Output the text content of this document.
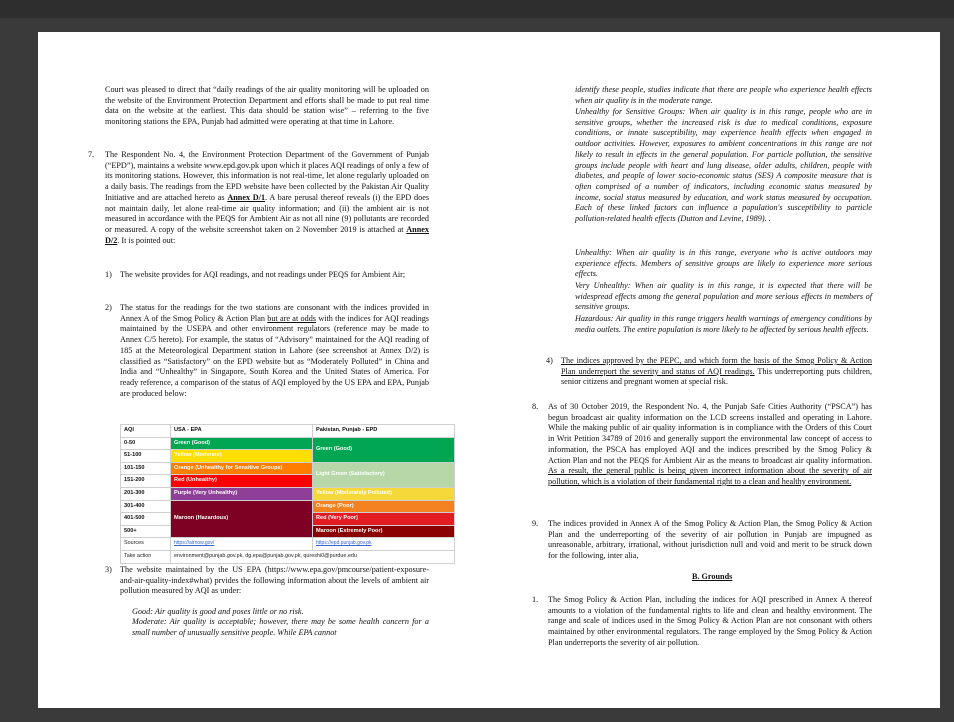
Court was pleased to direct that “daily readings of the air quality monitoring will be uploaded on the website of the Environment Protection Department and efforts shall be made to put real time data on the website at the earliest. This data should be station wise” – referring to the five monitoring stations the EPA, Punjab had admitted were operating at that time in Lahore.

7. The Respondent No. 4, the Environment Protection Department of the Government of Punjab (“EPD”), maintains a website www.epd.gov.pk upon which it places AQI readings of only a few of its monitoring stations. However, this information is not real-time, let alone regularly uploaded on a daily basis. The readings from the EPD website have been collected by the Pakistan Air Quality Initiative and are attached hereto as Annex D/1. A bare perusal thereof reveals (i) the EPD does not maintain daily, let alone real-time air quality information; and (ii) the ambient air is not measured in accordance with the PEQS for Ambient Air as not all nine (9) pollutants are recorded or measured. A copy of the website screenshot taken on 2 November 2019 is attached at Annex D/2. It is pointed out:

1) The website provides for AQI readings, and not readings under PEQS for Ambient Air;

2) The status for the readings for the two stations are consonant with the indices provided in Annex A of the Smog Policy & Action Plan but are at odds with the indices for AQI readings maintained by the USEPA and other environment regulators (reference may be made to Annex C/5 hereto). For example, the status of “Advisory” maintained for the AQI reading of 185 at the Meteorological Department station in Lahore (see screenshot at Annex D/2) is classified as “Satisfactory” on the EPD website but as “Moderately Polluted” in China and India and “Unhealthy” in Singapore, South Korea and the United States of America. For ready reference, a comparison of the status of AQI employed by the US EPA and EPA, Punjab are produced below:

AQI	USA - EPA	Pakistan, Punjab - EPD
0-50	Green (Good)	Green (Good)
51-100	Yellow (Moderate)	
101-150	Orange (Unhealthy for Sensitive Groups)	Light Green (Satisfactory)
151-200	Red (Unhealthy)	
201-300	Purple (Very Unhealthy)	Yellow (Moderately Polluted)
301-400	Maroon (Hazardous)	Orange (Poor)
401-500		Red (Very Poor)
500+		Maroon (Extremely Poor)
Sources	https://airnow.gov/	https://epd.punjab.gov.pk
Take action	environment@punjab.gov.pk, dg.epa@punjab.gov.pk, qureshi0@purdue.edu	
3) The website maintained by the US EPA (https://www.epa.gov/pmcourse/patient-exposure-and-air-quality-index#what) prvides the following information about the levels of ambient air pollution measured by AQI as under:

Good: Air quality is good and poses little or no risk.

Moderate: Air quality is acceptable; however, there may be some health concern for a small number of unusually sensitive people. While EPA cannot

identify these people, studies indicate that there are people who experience health effects when air quality is in the moderate range.

Unhealthy for Sensitive Groups: When air quality is in this range, people who are in sensitive groups, whether the increased risk is due to medical conditions, exposure conditions, or innate susceptibility, may experience health effects when engaged in outdoor activities. However, exposures to ambient concentrations in this range are not likely to result in effects in the general population. For particle pollution, the sensitive groups include people with heart and lung disease, older adults, children, people with diabetes, and people of lower socio-economic status (SES) A composite measure that is often comprised of a number of indicators, including economic status measured by income, social status measured by education, and work status measured by occupation. Each of these linked factors can influence a population's susceptibility to particle pollution-related health effects (Dutton and Levine, 1989). .

Unhealthy: When air quality is in this range, everyone who is active outdoors may experience effects. Members of sensitive groups are likely to experience more serious effects.

Very Unhealthy: When air quality is in this range, it is expected that there will be widespread effects among the general population and more serious effects in members of sensitive groups.

Hazardous: Air quality in this range triggers health warnings of emergency conditions by media outlets. The entire population is more likely to be affected by serious health effects.

4) The indices approved by the PEPC, and which form the basis of the Smog Policy & Action Plan underreport the severity and status of AQI readings. This underreporting puts children, senior citizens and pregnant women at special risk.

8. As of 30 October 2019, the Respondent No. 4, the Punjab Safe Cities Authority (“PSCA”) has begun broadcast air quality information on the LCD screens installed and operating in Lahore. While the making public of air quality information is in compliance with the Orders of this Court in Writ Petition 34789 of 2016 and generally support the environmental law concept of access to information, the PSCA has employed AQI and the indices prescribed by the Smog Policy & Action Plan and not the PEQS for Ambient Air as the means to broadcast air quality information. As a result, the general public is being given incorrect information about the severity of air pollution, which is a violation of their fundamental right to a clean and healthy environment.

9. The indices provided in Annex A of the Smog Policy & Action Plan, the Smog Policy & Action Plan and the underreporting of the severity of air pollution in Punjab are impugned as unreasonable, arbitrary, irrational, without jurisdiction null and void and merit to be struck down for the following, inter alia,

B. Grounds
1. The Smog Policy & Action Plan, including the indices for AQI prescribed in Annex A thereof amounts to a violation of the fundamental rights to life and clean and healthy environment. The range and scale of indices used in the Smog Policy & Action Plan are not consonant with others maintained by other environmental regulators. The range employed by the Smog Policy & Action Plan underreports the severity of air pollution.
